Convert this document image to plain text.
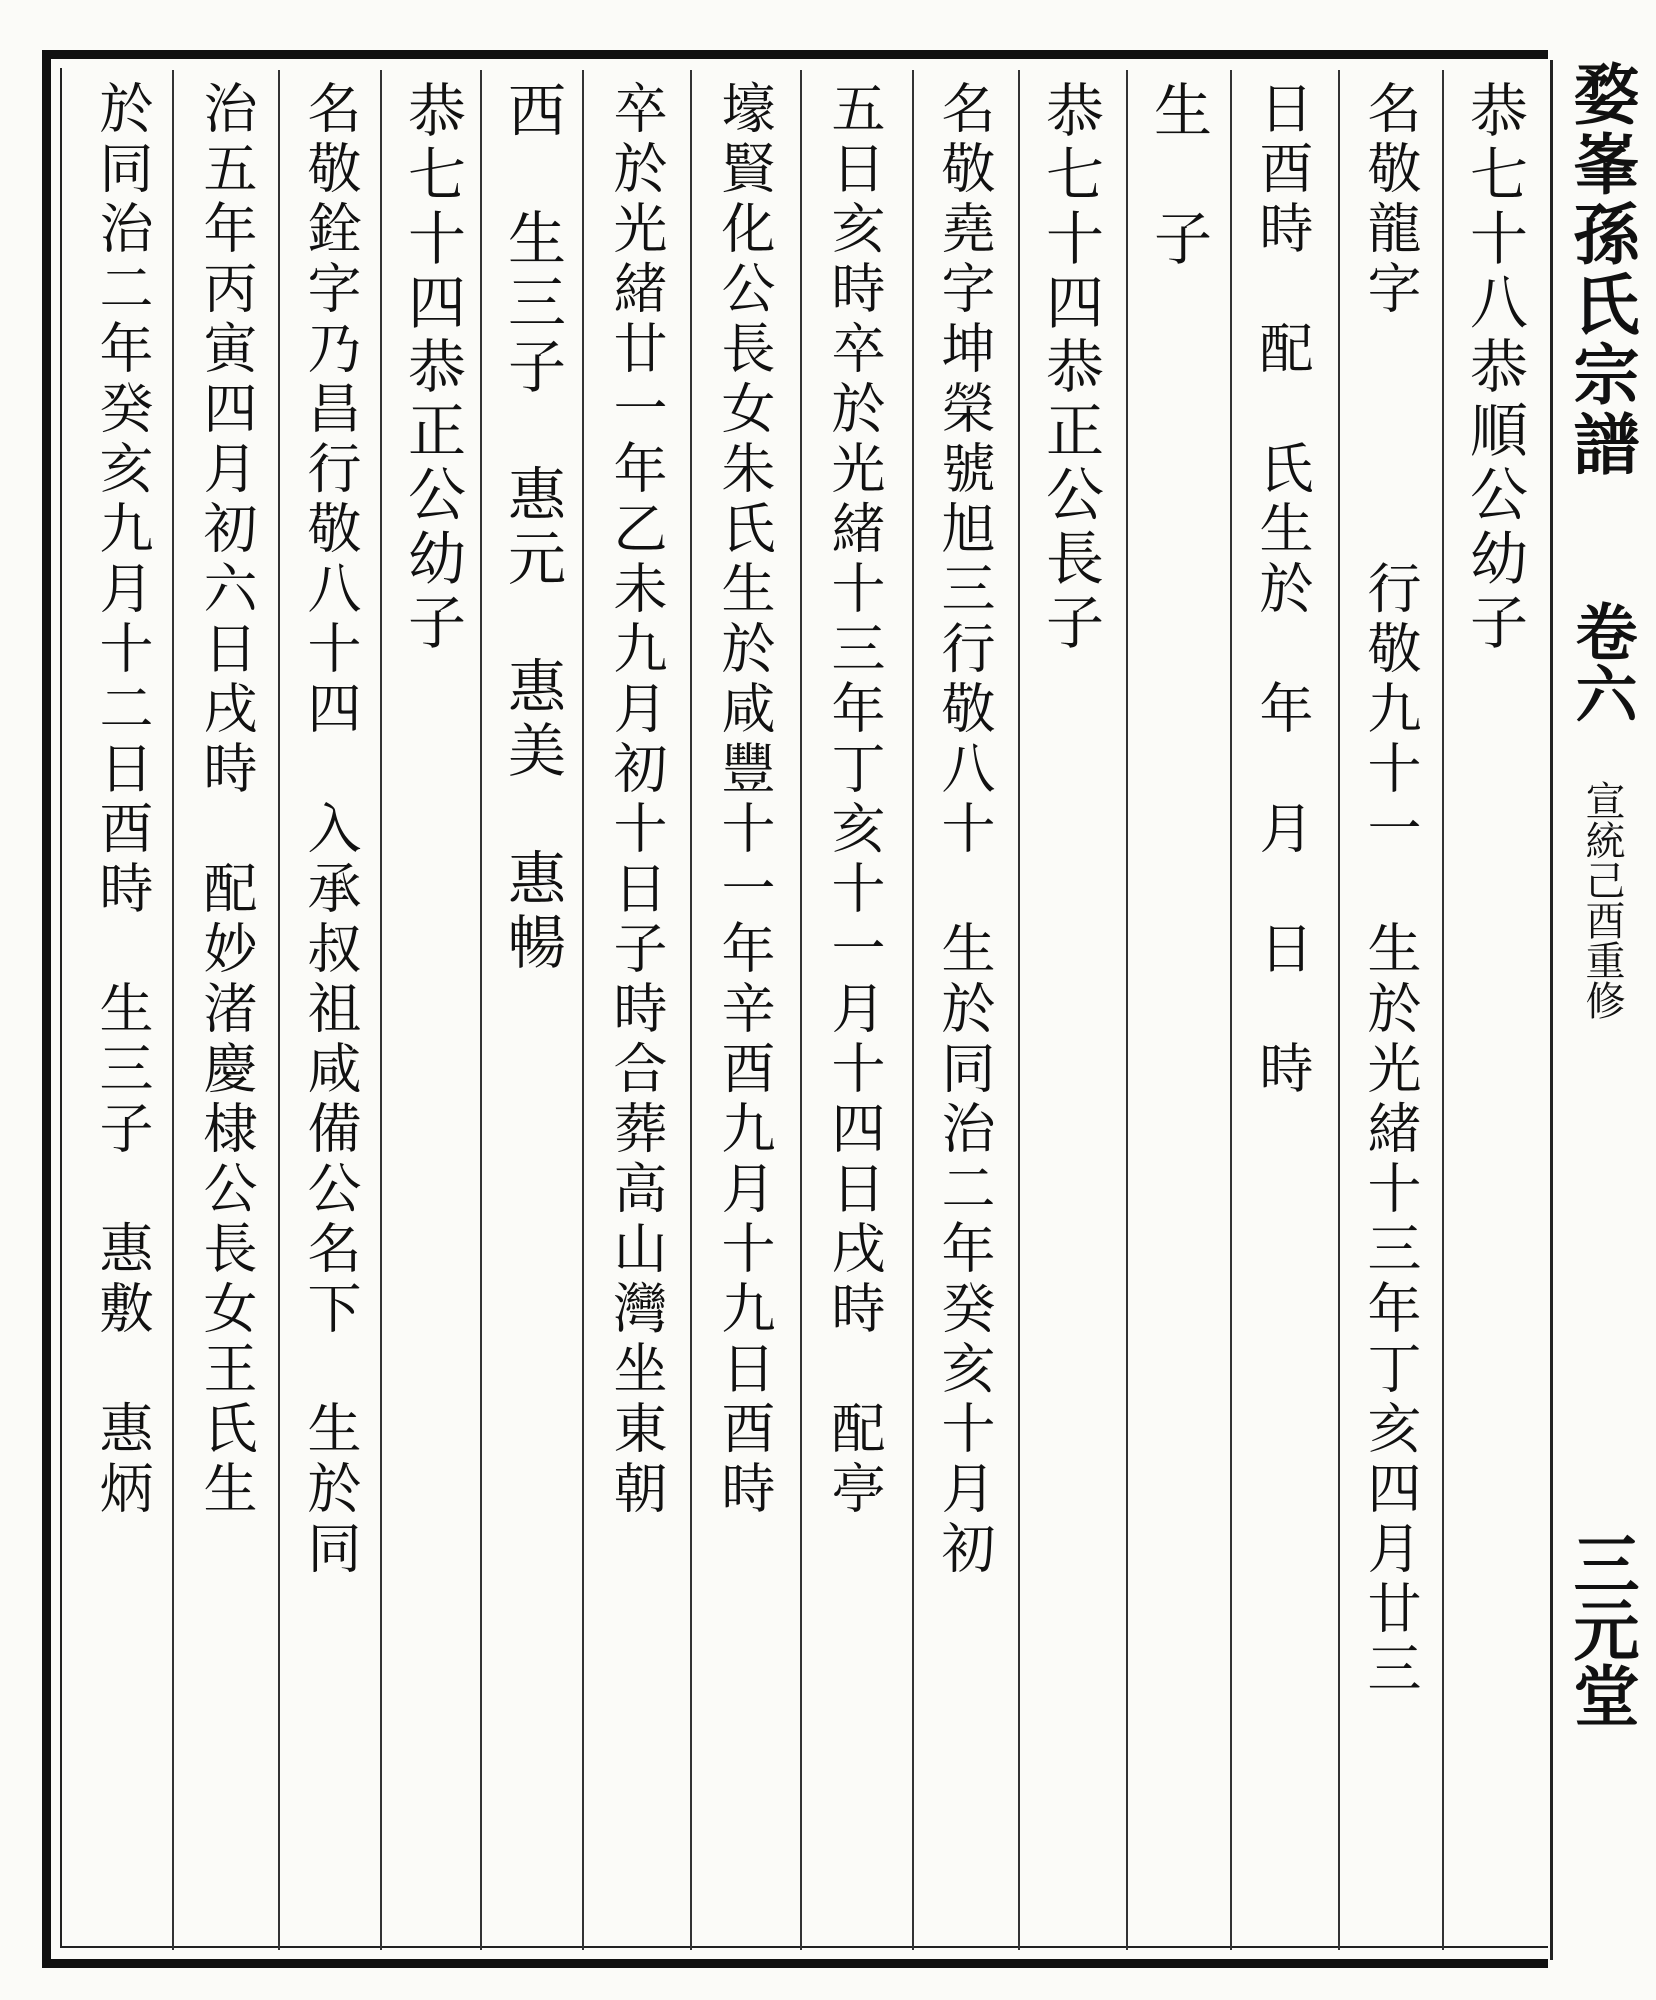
恭七十八恭順公幼子
名敬龍字　　　　行敬九十一　生於光緒十三年丁亥四月廿三
日酉時　配　氏生於　年　月　日　時
生　子
恭七十四恭正公長子
名敬堯字坤榮號旭三行敬八十　生於同治二年癸亥十月初
五日亥時卒於光緒十三年丁亥十一月十四日戌時　配亭
壕賢化公長女朱氏生於咸豐十一年辛酉九月十九日酉時
卒於光緒廿一年乙未九月初十日子時合葬高山灣坐東朝
西　生三子　惠元　惠美　惠暢
恭七十四恭正公幼子
名敬銓字乃昌行敬八十四　入承叔祖咸備公名下　生於同
治五年丙寅四月初六日戌時　配妙渚慶棣公長女王氏生
於同治二年癸亥九月十二日酉時　生三子　惠敷　惠炳	婺峯孫氏宗譜
卷六
宣統己酉重修
三元堂
